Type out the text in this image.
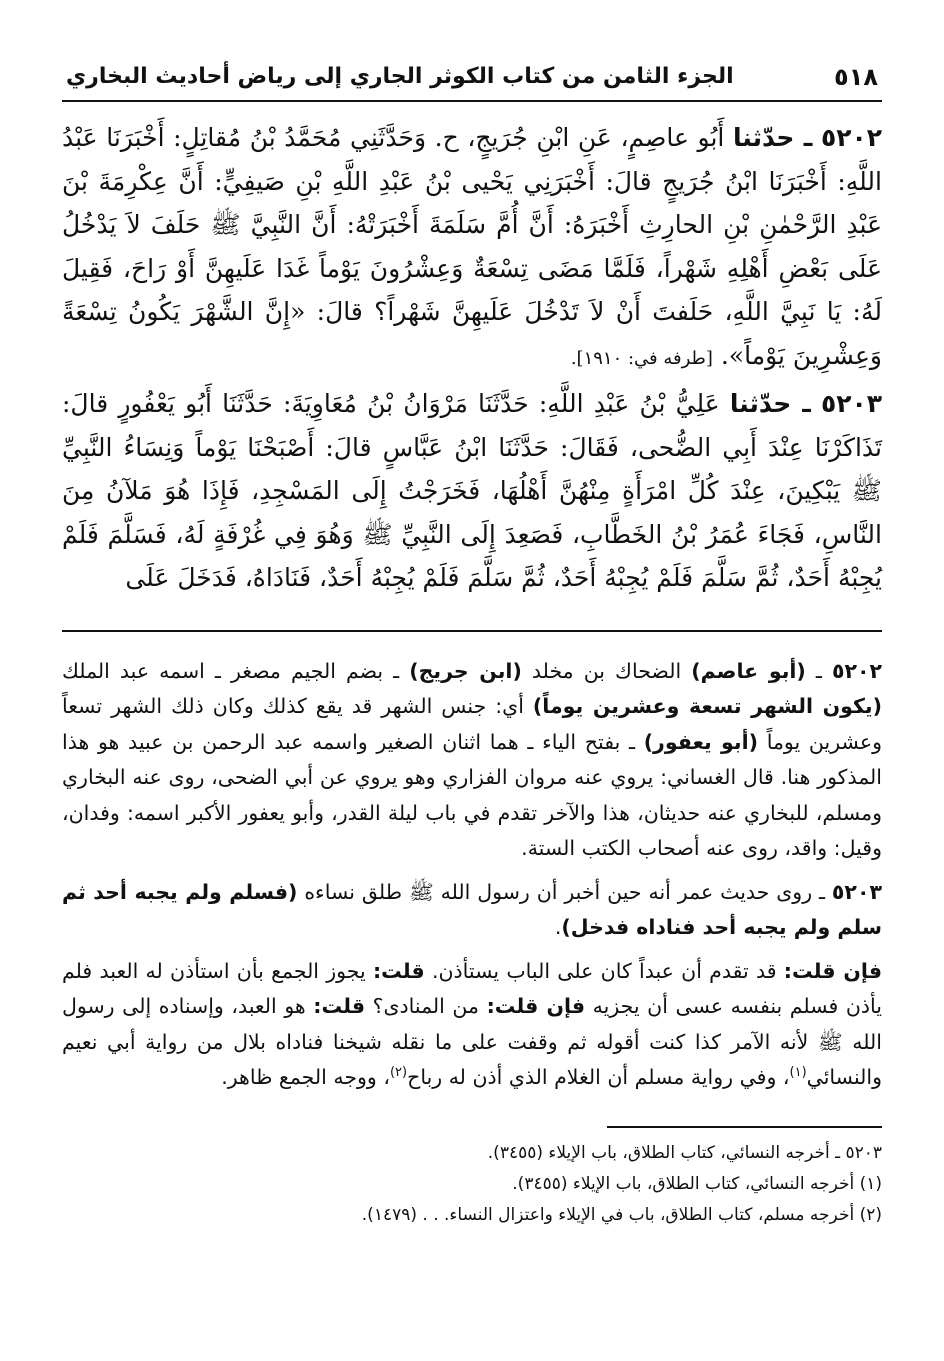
٥١٨
الجزء الثامن من كتاب الكوثر الجاري إلى رياض أحاديث البخاري

٥٢٠٢ ـ حدّثنا أَبُو عاصِمٍ، عَنِ ابْنِ جُرَيجٍ، ح. وَحَدَّثَنِي مُحَمَّدُ بْنُ مُقاتِلٍ: أَخْبَرَنَا عَبْدُ اللَّهِ: أَخْبَرَنَا ابْنُ جُرَيجٍ قالَ: أَخْبَرَنِي يَحْيى بْنُ عَبْدِ اللَّهِ بْنِ صَيفِيٍّ: أَنَّ عِكْرِمَةَ بْنَ عَبْدِ الرَّحْمٰنِ بْنِ الحارِثِ أَخْبَرَهُ: أَنَّ أُمَّ سَلَمَةَ أَخْبَرَتْهُ: أَنَّ النَّبِيَّ ﷺ حَلَفَ لاَ يَدْخُلُ عَلَى بَعْضِ أَهْلِهِ شَهْراً، فَلَمَّا مَضَى تِسْعَةٌ وَعِشْرُونَ يَوْماً غَدَا عَلَيهِنَّ أَوْ رَاحَ، فَقِيلَ لَهُ: يَا نَبِيَّ اللَّهِ، حَلَفتَ أَنْ لاَ تَدْخُلَ عَلَيهِنَّ شَهْراً؟ قالَ: «إِنَّ الشَّهْرَ يَكُونُ تِسْعَةً وَعِشْرِينَ يَوْماً». [طرفه في: ١٩١٠].

٥٢٠٣ ـ حدّثنا عَلِيُّ بْنُ عَبْدِ اللَّهِ: حَدَّثَنَا مَرْوَانُ بْنُ مُعَاوِيَةَ: حَدَّثَنَا أَبُو يَعْفُورٍ قالَ: تَذَاكَرْنَا عِنْدَ أَبِي الضُّحى، فَقَالَ: حَدَّثَنَا ابْنُ عَبَّاسٍ قالَ: أَصْبَحْنَا يَوْماً وَنِسَاءُ النَّبِيِّ ﷺ يَبْكِينَ، عِنْدَ كُلِّ امْرَأَةٍ مِنْهُنَّ أَهْلُهَا، فَخَرَجْتُ إِلَى المَسْجِدِ، فَإِذَا هُوَ مَلآنُ مِنَ النَّاسِ، فَجَاءَ عُمَرُ بْنُ الخَطَّابِ، فَصَعِدَ إِلَى النَّبِيِّ ﷺ وَهُوَ فِي غُرْفَةٍ لَهُ، فَسَلَّمَ فَلَمْ يُجِبْهُ أَحَدٌ، ثُمَّ سَلَّمَ فَلَمْ يُجِبْهُ أَحَدٌ، ثُمَّ سَلَّمَ فَلَمْ يُجِبْهُ أَحَدٌ، فَنَادَاهُ، فَدَخَلَ عَلَى

٥٢٠٢ ـ (أبو عاصم) الضحاك بن مخلد (ابن جريج) ـ بضم الجيم مصغر ـ اسمه عبد الملك (يكون الشهر تسعة وعشرين يوماً) أي: جنس الشهر قد يقع كذلك وكان ذلك الشهر تسعاً وعشرين يوماً (أبو يعفور) ـ بفتح الياء ـ هما اثنان الصغير واسمه عبد الرحمن بن عبيد هو هذا المذكور هنا. قال الغساني: يروي عنه مروان الفزاري وهو يروي عن أبي الضحى، روى عنه البخاري ومسلم، للبخاري عنه حديثان، هذا والآخر تقدم في باب ليلة القدر، وأبو يعفور الأكبر اسمه: وفدان، وقيل: واقد، روى عنه أصحاب الكتب الستة.

٥٢٠٣ ـ روى حديث عمر أنه حين أخبر أن رسول الله ﷺ طلق نساءه (فسلم ولم يجبه أحد ثم سلم ولم يجبه أحد فناداه فدخل).

فإن قلت: قد تقدم أن عبداً كان على الباب يستأذن. قلت: يجوز الجمع بأن استأذن له العبد فلم يأذن فسلم بنفسه عسى أن يجزيه فإن قلت: من المنادى؟ قلت: هو العبد، وإسناده إلى رسول الله ﷺ لأنه الآمر كذا كنت أقوله ثم وقفت على ما نقله شيخنا فناداه بلال من رواية أبي نعيم والنسائي$^{(١)}$، وفي رواية مسلم أن الغلام الذي أذن له رباح$^{(٢)}$، ووجه الجمع ظاهر.

٥٢٠٣ ـ أخرجه النسائي، كتاب الطلاق، باب الإيلاء (٣٤٥٥).

(١) أخرجه النسائي، كتاب الطلاق، باب الإيلاء (٣٤٥٥).

(٢) أخرجه مسلم، كتاب الطلاق، باب في الإيلاء واعتزال النساء. . . (١٤٧٩).
